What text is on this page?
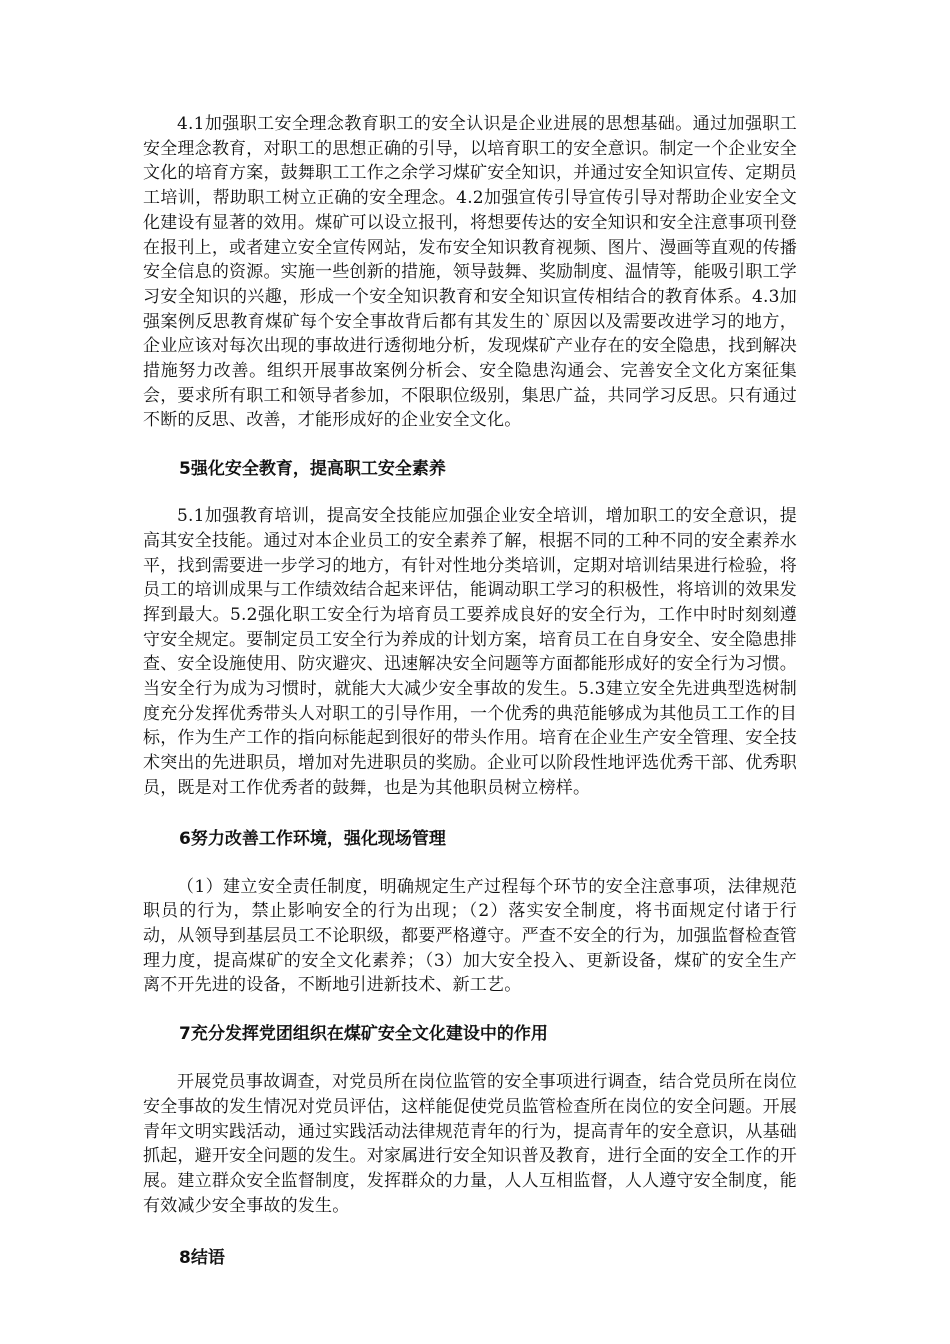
4.1加强职工安全理念教育职工的安全认识是企业进展的思想基础。通过加强职工安全理念教育，对职工的思想正确的引导，以培育职工的安全意识。制定一个企业安全文化的培育方案，鼓舞职工工作之余学习煤矿安全知识，并通过安全知识宣传、定期员工培训，帮助职工树立正确的安全理念。4.2加强宣传引导宣传引导对帮助企业安全文化建设有显著的效用。煤矿可以设立报刊，将想要传达的安全知识和安全注意事项刊登在报刊上，或者建立安全宣传网站，发布安全知识教育视频、图片、漫画等直观的传播安全信息的资源。实施一些创新的措施，领导鼓舞、奖励制度、温情等，能吸引职工学习安全知识的兴趣，形成一个安全知识教育和安全知识宣传相结合的教育体系。4.3加强案例反思教育煤矿每个安全事故背后都有其发生的`原因以及需要改进学习的地方，企业应该对每次出现的事故进行透彻地分析，发现煤矿产业存在的安全隐患，找到解决措施努力改善。组织开展事故案例分析会、安全隐患沟通会、完善安全文化方案征集会，要求所有职工和领导者参加，不限职位级别，集思广益，共同学习反思。只有通过不断的反思、改善，才能形成好的企业安全文化。

5强化安全教育，提高职工安全素养

5.1加强教育培训，提高安全技能应加强企业安全培训，增加职工的安全意识，提高其安全技能。通过对本企业员工的安全素养了解，根据不同的工种不同的安全素养水平，找到需要进一步学习的地方，有针对性地分类培训，定期对培训结果进行检验，将员工的培训成果与工作绩效结合起来评估，能调动职工学习的积极性，将培训的效果发挥到最大。5.2强化职工安全行为培育员工要养成良好的安全行为，工作中时时刻刻遵守安全规定。要制定员工安全行为养成的计划方案，培育员工在自身安全、安全隐患排查、安全设施使用、防灾避灾、迅速解决安全问题等方面都能形成好的安全行为习惯。当安全行为成为习惯时，就能大大减少安全事故的发生。5.3建立安全先进典型选树制度充分发挥优秀带头人对职工的引导作用，一个优秀的典范能够成为其他员工工作的目标，作为生产工作的指向标能起到很好的带头作用。培育在企业生产安全管理、安全技术突出的先进职员，增加对先进职员的奖励。企业可以阶段性地评选优秀干部、优秀职员，既是对工作优秀者的鼓舞，也是为其他职员树立榜样。

6努力改善工作环境，强化现场管理

（1）建立安全责任制度，明确规定生产过程每个环节的安全注意事项，法律规范职员的行为，禁止影响安全的行为出现；（2）落实安全制度，将书面规定付诸于行动，从领导到基层员工不论职级，都要严格遵守。严查不安全的行为，加强监督检查管理力度，提高煤矿的安全文化素养；（3）加大安全投入、更新设备，煤矿的安全生产离不开先进的设备，不断地引进新技术、新工艺。

7充分发挥党团组织在煤矿安全文化建设中的作用

开展党员事故调查，对党员所在岗位监管的安全事项进行调查，结合党员所在岗位安全事故的发生情况对党员评估，这样能促使党员监管检查所在岗位的安全问题。开展青年文明实践活动，通过实践活动法律规范青年的行为，提高青年的安全意识，从基础抓起，避开安全问题的发生。对家属进行安全知识普及教育，进行全面的安全工作的开展。建立群众安全监督制度，发挥群众的力量，人人互相监督，人人遵守安全制度，能有效减少安全事故的发生。

8结语
